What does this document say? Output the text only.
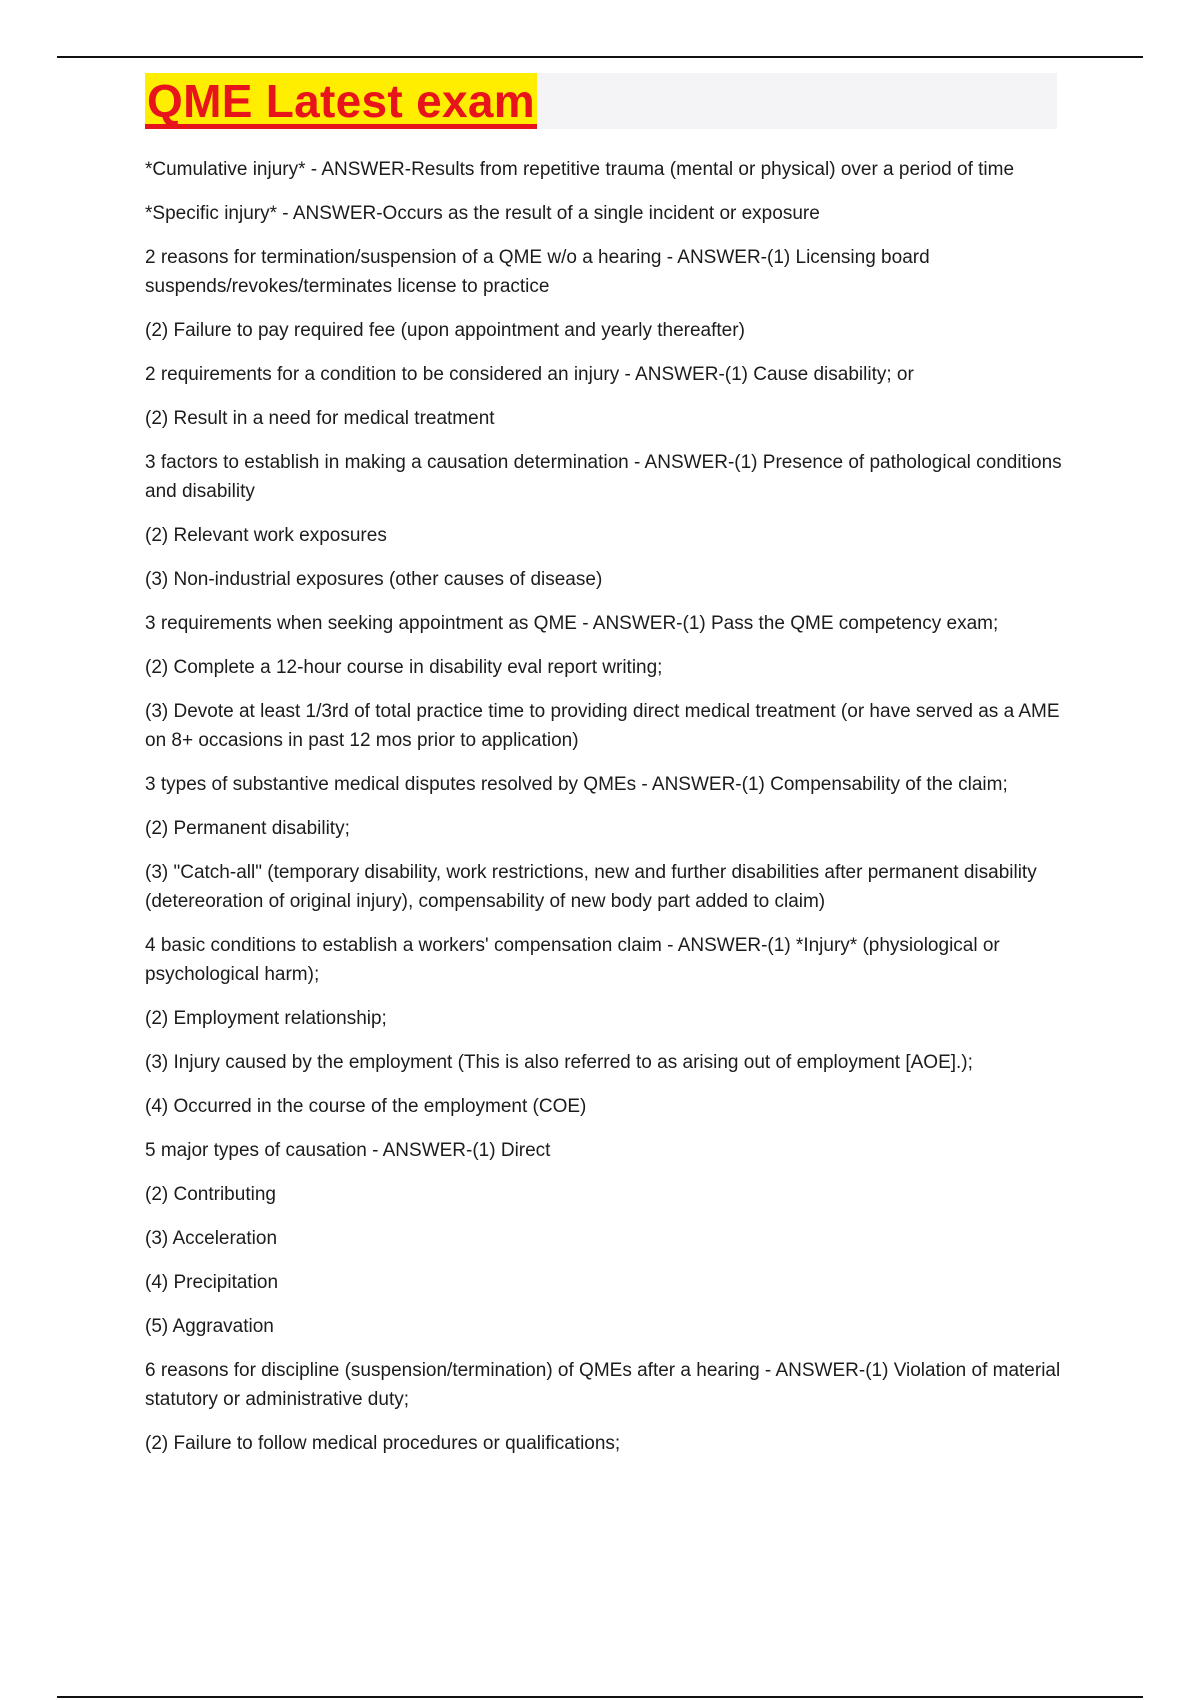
QME Latest exam

*Cumulative injury* - ANSWER-Results from repetitive trauma (mental or physical) over a period of time

*Specific injury* - ANSWER-Occurs as the result of a single incident or exposure

2 reasons for termination/suspension of a QME w/o a hearing - ANSWER-(1) Licensing board suspends/revokes/terminates license to practice

(2) Failure to pay required fee (upon appointment and yearly thereafter)

2 requirements for a condition to be considered an injury - ANSWER-(1) Cause disability; or

(2) Result in a need for medical treatment

3 factors to establish in making a causation determination - ANSWER-(1) Presence of pathological conditions and disability

(2) Relevant work exposures

(3) Non-industrial exposures (other causes of disease)

3 requirements when seeking appointment as QME - ANSWER-(1) Pass the QME competency exam;

(2) Complete a 12-hour course in disability eval report writing;

(3) Devote at least 1/3rd of total practice time to providing direct medical treatment (or have served as a AME on 8+ occasions in past 12 mos prior to application)

3 types of substantive medical disputes resolved by QMEs - ANSWER-(1) Compensability of the claim;

(2) Permanent disability;

(3) "Catch-all" (temporary disability, work restrictions, new and further disabilities after permanent disability (detereoration of original injury), compensability of new body part added to claim)

4 basic conditions to establish a workers' compensation claim - ANSWER-(1) *Injury* (physiological or psychological harm);

(2) Employment relationship;

(3) Injury caused by the employment (This is also referred to as arising out of employment [AOE].);

(4) Occurred in the course of the employment (COE)

5 major types of causation - ANSWER-(1) Direct

(2) Contributing

(3) Acceleration

(4) Precipitation

(5) Aggravation

6 reasons for discipline (suspension/termination) of QMEs after a hearing - ANSWER-(1) Violation of material statutory or administrative duty;

(2) Failure to follow medical procedures or qualifications;
